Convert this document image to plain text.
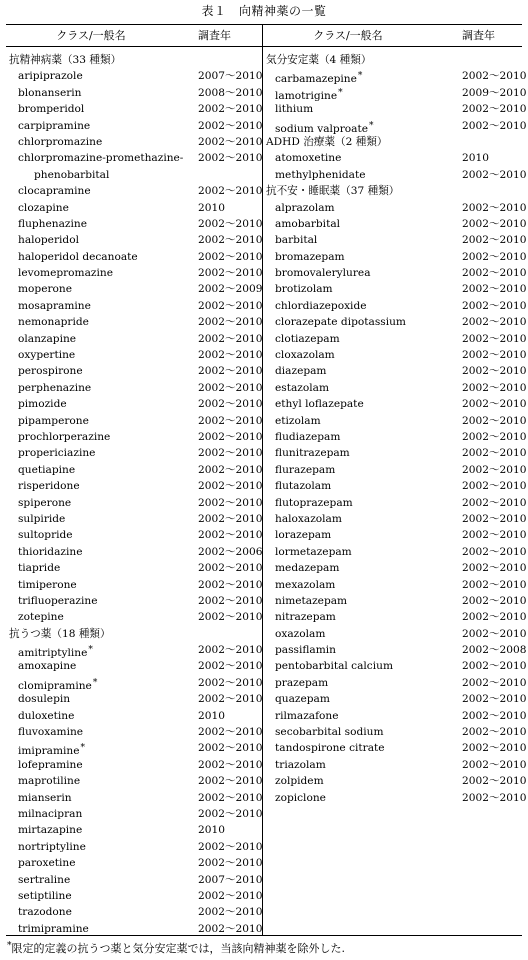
表１　向精神薬の一覧
クラス/一般名	調査年
抗精神病薬（33 種類）
aripiprazole	2007〜2010
blonanserin	2008〜2010
bromperidol	2002〜2010
carpipramine	2002〜2010
chlorpromazine	2002〜2010
chlorpromazine-promethazine- 2002〜2010
phenobarbital
clocapramine	2002〜2010
clozapine	2010
fluphenazine	2002〜2010
haloperidol	2002〜2010
haloperidol decanoate	2002〜2010
levomepromazine	2002〜2010
moperone	2002〜2009
mosapramine	2002〜2010
nemonapride	2002〜2010
olanzapine	2002〜2010
oxypertine	2002〜2010
perospirone	2002〜2010
perphenazine	2002〜2010
pimozide	2002〜2010
pipamperone	2002〜2010
prochlorperazine	2002〜2010
propericiazine	2002〜2010
quetiapine	2002〜2010
risperidone	2002〜2010
spiperone	2002〜2010
sulpiride	2002〜2010
sultopride	2002〜2010
thioridazine	2002〜2006
tiapride	2002〜2010
timiperone	2002〜2010
trifluoperazine	2002〜2010
zotepine	2002〜2010
抗うつ薬（18 種類）
amitriptyline*	2002〜2010
amoxapine	2002〜2010
clomipramine*	2002〜2010
dosulepin	2002〜2010
duloxetine	2010
fluvoxamine	2002〜2010
imipramine*	2002〜2010
lofepramine	2002〜2010
maprotiline	2002〜2010
mianserin	2002〜2010
milnacipran	2002〜2010
mirtazapine	2010
nortriptyline	2002〜2010
paroxetine	2002〜2010
sertraline	2007〜2010
setiptiline	2002〜2010
trazodone	2002〜2010
trimipramine	2002〜2010
クラス/一般名	調査年
気分安定薬（4 種類）
carbamazepine*	2002〜2010
lamotrigine*	2009〜2010
lithium	2002〜2010
sodium valproate*	2002〜2010
ADHD 治療薬（2 種類）
atomoxetine	2010
methylphenidate	2002〜2010
抗不安・睡眠薬（37 種類）
alprazolam	2002〜2010
amobarbital	2002〜2010
barbital	2002〜2010
bromazepam	2002〜2010
bromovalerylurea	2002〜2010
brotizolam	2002〜2010
chlordiazepoxide	2002〜2010
clorazepate dipotassium	2002〜2010
clotiazepam	2002〜2010
cloxazolam	2002〜2010
diazepam	2002〜2010
estazolam	2002〜2010
ethyl loflazepate	2002〜2010
etizolam	2002〜2010
fludiazepam	2002〜2010
flunitrazepam	2002〜2010
flurazepam	2002〜2010
flutazolam	2002〜2010
flutoprazepam	2002〜2010
haloxazolam	2002〜2010
lorazepam	2002〜2010
lormetazepam	2002〜2010
medazepam	2002〜2010
mexazolam	2002〜2010
nimetazepam	2002〜2010
nitrazepam	2002〜2010
oxazolam	2002〜2010
passiflamin	2002〜2008
pentobarbital calcium	2002〜2010
prazepam	2002〜2010
quazepam	2002〜2010
rilmazafone	2002〜2010
secobarbital sodium	2002〜2010
tandospirone citrate	2002〜2010
triazolam	2002〜2010
zolpidem	2002〜2010
zopiclone	2002〜2010
*限定的定義の抗うつ薬と気分安定薬では，当該向精神薬を除外した.
